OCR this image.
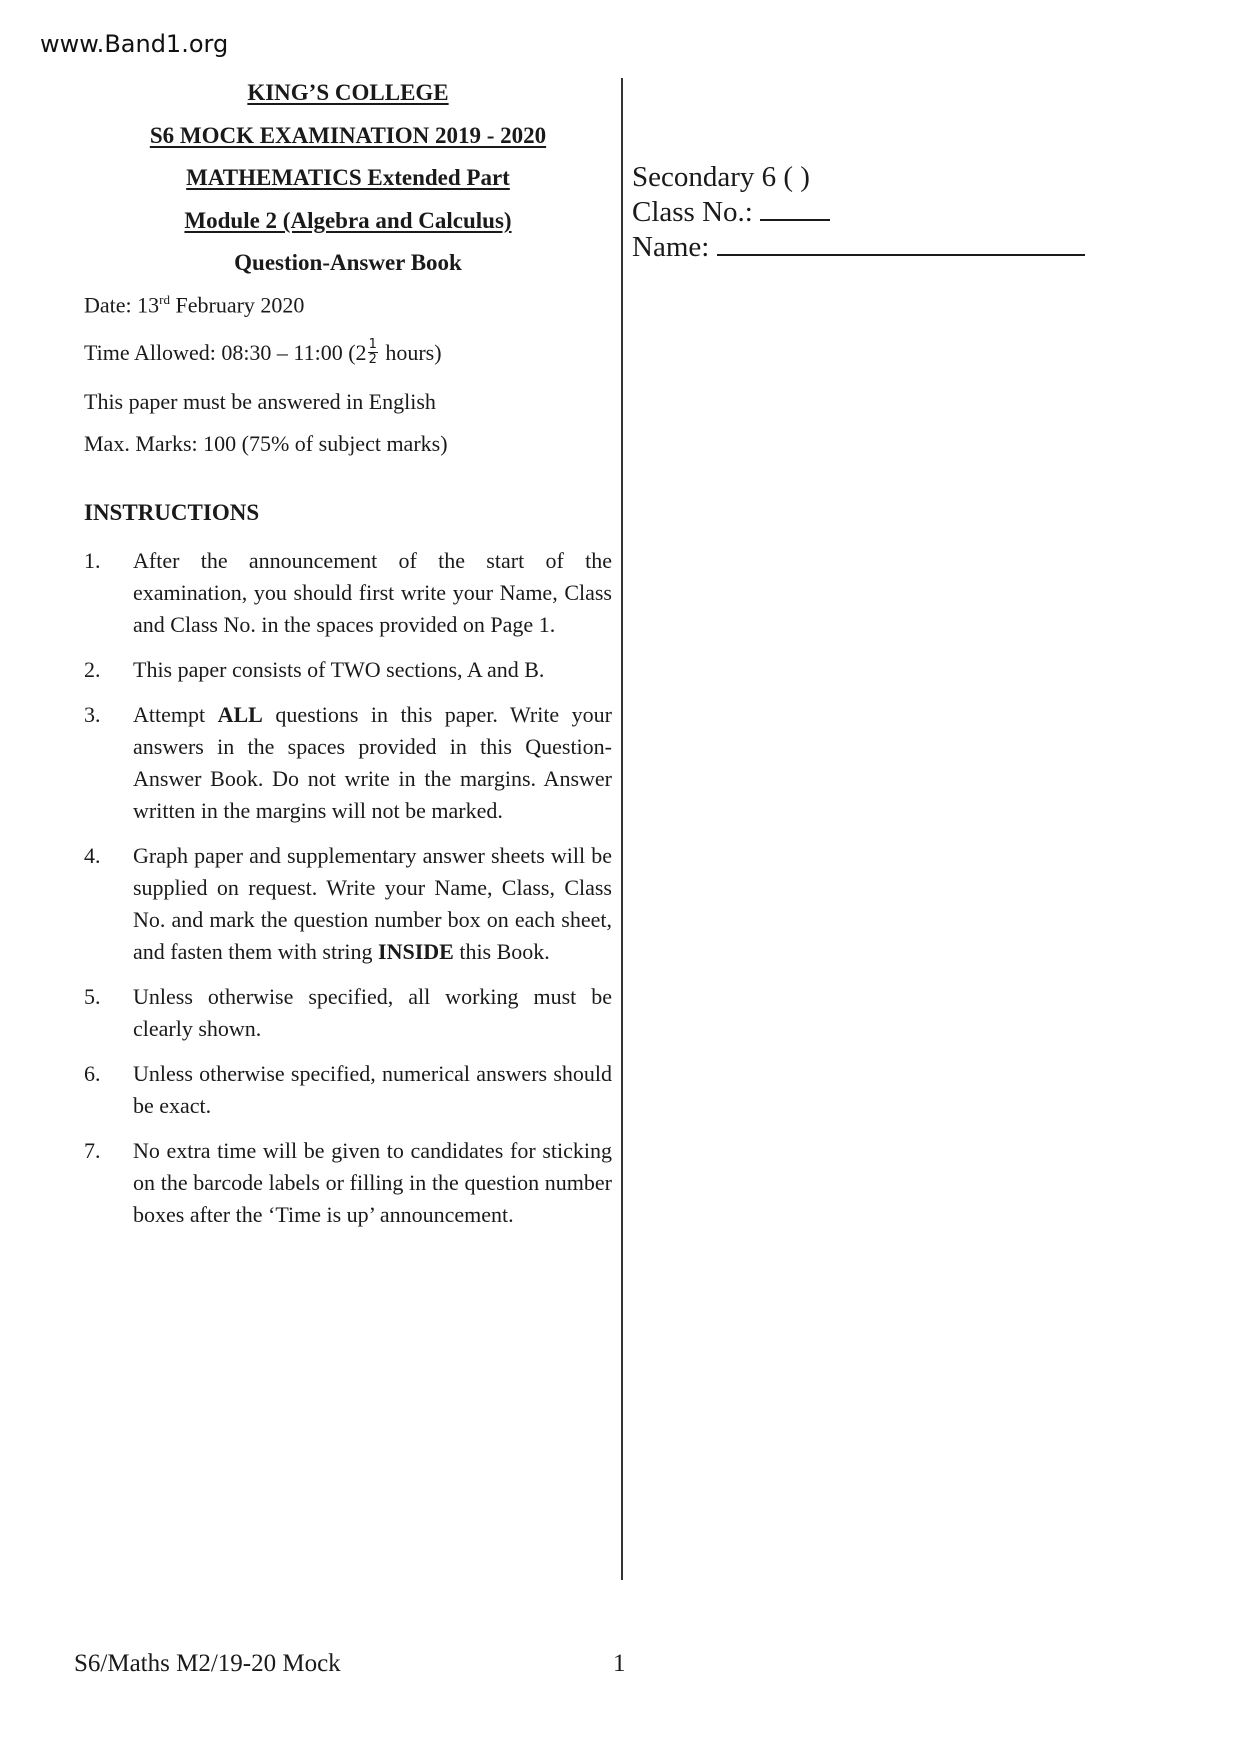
www.Band1.org
KING’S COLLEGE
S6 MOCK EXAMINATION 2019 - 2020
MATHEMATICS Extended Part
Module 2 (Algebra and Calculus)
Question-Answer Book
Date: 13rd February 2020
Time Allowed: 08:30 – 11:00 ($2 \frac{1}{2}$ hours)
This paper must be answered in English
Max. Marks: 100 (75% of subject marks)
INSTRUCTIONS
1.	After the announcement of the start of the examination, you should first write your Name, Class and Class No. in the spaces provided on Page 1.
2.	This paper consists of TWO sections, A and B.
3.	Attempt ALL questions in this paper. Write your answers in the spaces provided in this Question-Answer Book. Do not write in the margins. Answer written in the margins will not be marked.
4.	Graph paper and supplementary answer sheets will be supplied on request. Write your Name, Class, Class No. and mark the question number box on each sheet, and fasten them with string INSIDE this Book.
5.	Unless otherwise specified, all working must be clearly shown.
6.	Unless otherwise specified, numerical answers should be exact.
7.	No extra time will be given to candidates for sticking on the barcode labels or filling in the question number boxes after the ‘Time is up’ announcement.
Secondary 6 ( )
Class No.:
Name:
S6/Maths M2/19-20 Mock	1
